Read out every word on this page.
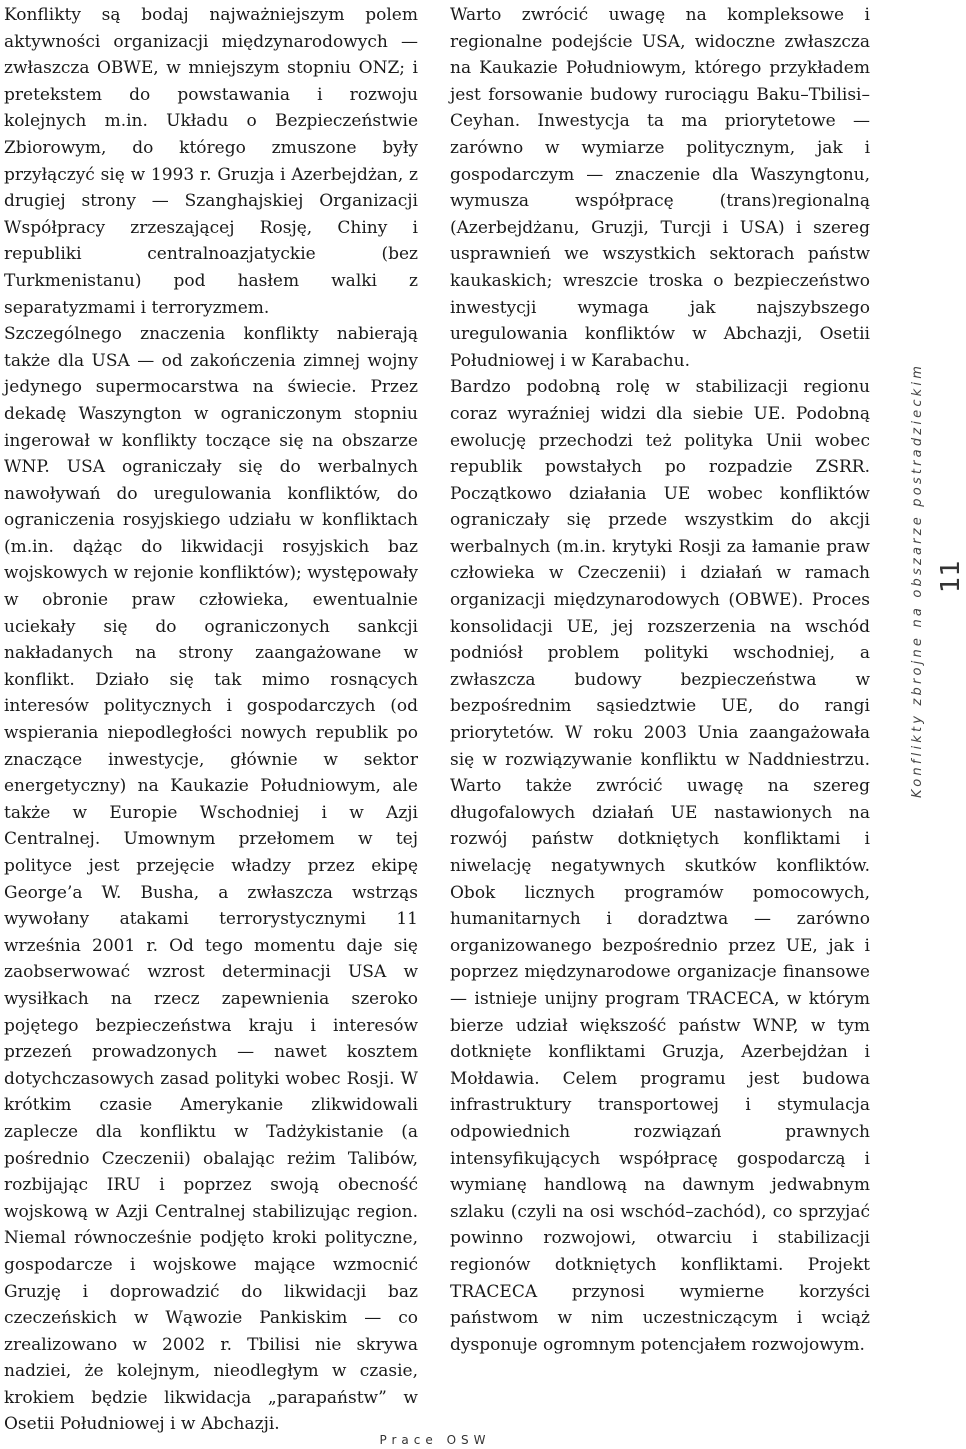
Konflikty są bodaj najważniejszym polem aktywności organizacji międzynarodowych — zwłaszcza OBWE, w mniejszym stopniu ONZ; i pretekstem do powstawania i rozwoju kolejnych m.in. Układu o Bezpieczeństwie Zbiorowym, do którego zmuszone były przyłączyć się w 1993 r. Gruzja i Azerbejdżan, z drugiej strony — Szanghajskiej Organizacji Współpracy zrzeszającej Rosję, Chiny i republiki centralnoazjatyckie (bez Turkmenistanu) pod hasłem walki z separatyzmami i terroryzmem.

Szczególnego znaczenia konflikty nabierają także dla USA — od zakończenia zimnej wojny jedynego supermocarstwa na świecie. Przez dekadę Waszyngton w ograniczonym stopniu ingerował w konflikty toczące się na obszarze WNP. USA ograniczały się do werbalnych nawoływań do uregulowania konfliktów, do ograniczenia rosyjskiego udziału w konfliktach (m.in. dążąc do likwidacji rosyjskich baz wojskowych w rejonie konfliktów); występowały w obronie praw człowieka, ewentualnie uciekały się do ograniczonych sankcji nakładanych na strony zaangażowane w konflikt. Działo się tak mimo rosnących interesów politycznych i gospodarczych (od wspierania niepodległości nowych republik po znaczące inwestycje, głównie w sektor energetyczny) na Kaukazie Południowym, ale także w Europie Wschodniej i w Azji Centralnej. Umownym przełomem w tej polityce jest przejęcie władzy przez ekipę George’a W. Busha, a zwłaszcza wstrząs wywołany atakami terrorystycznymi 11 września 2001 r. Od tego momentu daje się zaobserwować wzrost determinacji USA w wysiłkach na rzecz zapewnienia szeroko pojętego bezpieczeństwa kraju i interesów przezeń prowadzonych — nawet kosztem dotychczasowych zasad polityki wobec Rosji. W krótkim czasie Amerykanie zlikwidowali zaplecze dla konfliktu w Tadżykistanie (a pośrednio Czeczenii) obalając reżim Talibów, rozbijając IRU i poprzez swoją obecność wojskową w Azji Centralnej stabilizując region. Niemal równocześnie podjęto kroki polityczne, gospodarcze i wojskowe mające wzmocnić Gruzję i doprowadzić do likwidacji baz czeczeńskich w Wąwozie Pankiskim — co zrealizowano w 2002 r. Tbilisi nie skrywa nadziei, że kolejnym, nieodległym w czasie, krokiem będzie likwidacja „parapaństw” w Osetii Południowej i w Abchazji.

Warto zwrócić uwagę na kompleksowe i regionalne podejście USA, widoczne zwłaszcza na Kaukazie Południowym, którego przykładem jest forsowanie budowy rurociągu Baku–Tbilisi–Ceyhan. Inwestycja ta ma priorytetowe — zarówno w wymiarze politycznym, jak i gospodarczym — znaczenie dla Waszyngtonu, wymusza współpracę (trans)regionalną (Azerbejdżanu, Gruzji, Turcji i USA) i szereg usprawnień we wszystkich sektorach państw kaukaskich; wreszcie troska o bezpieczeństwo inwestycji wymaga jak najszybszego uregulowania konfliktów w Abchazji, Osetii Południowej i w Karabachu.

Bardzo podobną rolę w stabilizacji regionu coraz wyraźniej widzi dla siebie UE. Podobną ewolucję przechodzi też polityka Unii wobec republik powstałych po rozpadzie ZSRR. Początkowo działania UE wobec konfliktów ograniczały się przede wszystkim do akcji werbalnych (m.in. krytyki Rosji za łamanie praw człowieka w Czeczenii) i działań w ramach organizacji międzynarodowych (OBWE). Proces konsolidacji UE, jej rozszerzenia na wschód podniósł problem polityki wschodniej, a zwłaszcza budowy bezpieczeństwa w bezpośrednim sąsiedztwie UE, do rangi priorytetów. W roku 2003 Unia zaangażowała się w rozwiązywanie konfliktu w Naddniestrzu. Warto także zwrócić uwagę na szereg długofalowych działań UE nastawionych na rozwój państw dotkniętych konfliktami i niwelację negatywnych skutków konfliktów. Obok licznych programów pomocowych, humanitarnych i doradztwa — zarówno organizowanego bezpośrednio przez UE, jak i poprzez międzynarodowe organizacje finansowe — istnieje unijny program TRACECA, w którym bierze udział większość państw WNP, w tym dotknięte konfliktami Gruzja, Azerbejdżan i Mołdawia. Celem programu jest budowa infrastruktury transportowej i stymulacja odpowiednich rozwiązań prawnych intensyfikujących współpracę gospodarczą i wymianę handlową na dawnym jedwabnym szlaku (czyli na osi wschód–zachód), co sprzyjać powinno rozwojowi, otwarciu i stabilizacji regionów dotkniętych konfliktami. Projekt TRACECA przynosi wymierne korzyści państwom w nim uczestniczącym i wciąż dysponuje ogromnym potencjałem rozwojowym.

Konflikty zbrojne na obszarze postradzieckim 11
Prace OSW
